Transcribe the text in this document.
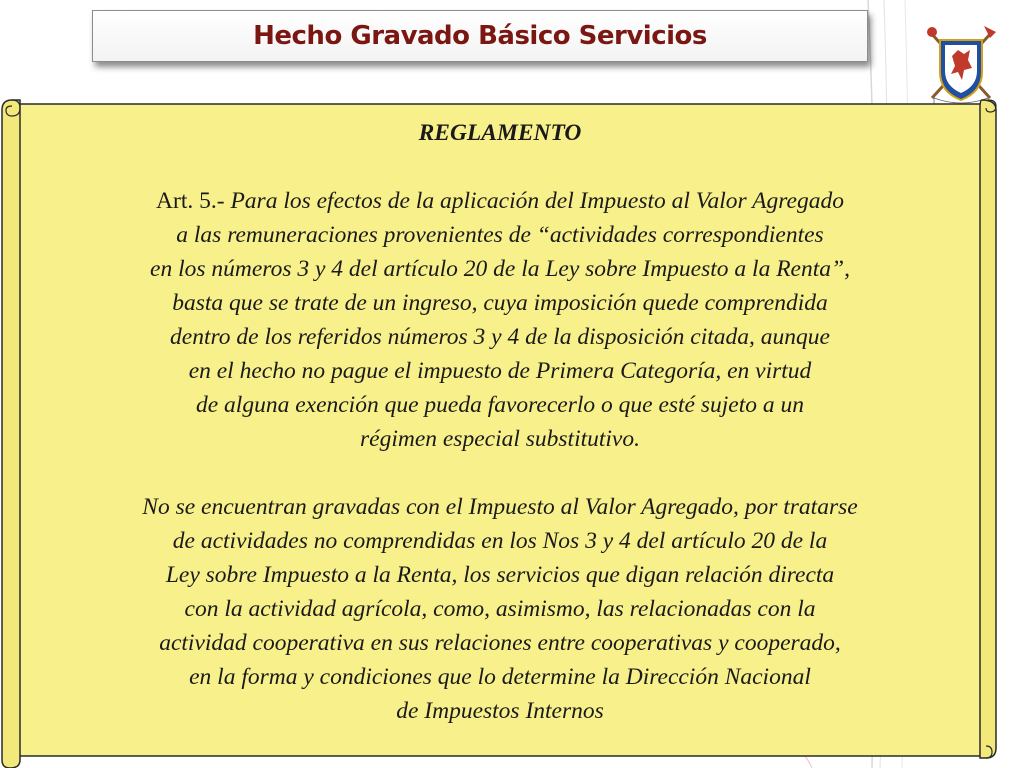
Hecho Gravado Básico Servicios
REGLAMENTO

Art. 5.- Para los efectos de la aplicación del Impuesto al Valor Agregado

a las remuneraciones provenientes de “actividades correspondientes

en los números 3 y 4 del artículo 20 de la Ley sobre Impuesto a la Renta”,

basta que se trate de un ingreso, cuya imposición quede comprendida

dentro de los referidos números 3 y 4 de la disposición citada, aunque

en el hecho no pague el impuesto de Primera Categoría, en virtud

de alguna exención que pueda favorecerlo o que esté sujeto a un

régimen especial substitutivo.

No se encuentran gravadas con el Impuesto al Valor Agregado, por tratarse

de actividades no comprendidas en los Nos 3 y 4 del artículo 20 de la

Ley sobre Impuesto a la Renta, los servicios que digan relación directa

con la actividad agrícola, como, asimismo, las relacionadas con la

actividad cooperativa en sus relaciones entre cooperativas y cooperado,

en la forma y condiciones que lo determine la Dirección Nacional

de Impuestos Internos
